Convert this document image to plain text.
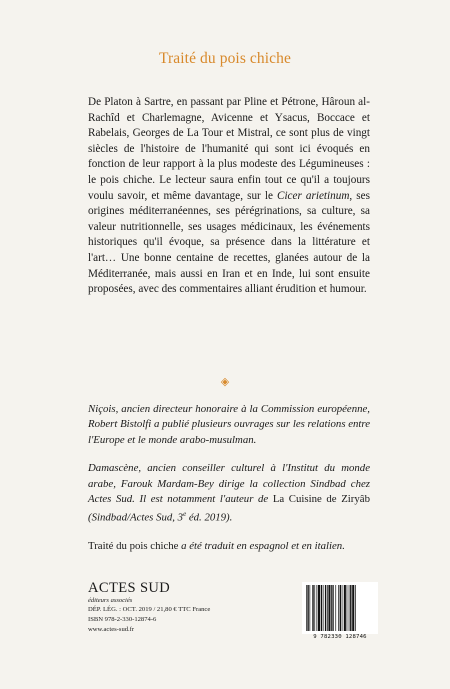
Traité du pois chiche

De Platon à Sartre, en passant par Pline et Pétrone, Hâroun al-Rachîd et Charlemagne, Avicenne et Ysacus, Boccace et Rabelais, Georges de La Tour et Mistral, ce sont plus de vingt siècles de l'histoire de l'humanité qui sont ici évoqués en fonction de leur rapport à la plus modeste des Légumineuses : le pois chiche. Le lecteur saura enfin tout ce qu'il a toujours voulu savoir, et même davantage, sur le Cicer arietinum, ses origines méditerranéennes, ses pérégrinations, sa culture, sa valeur nutritionnelle, ses usages médicinaux, les événements historiques qu'il évoque, sa présence dans la littérature et l'art… Une bonne centaine de recettes, glanées autour de la Méditerranée, mais aussi en Iran et en Inde, lui sont ensuite proposées, avec des commentaires alliant érudition et humour.

◈

Niçois, ancien directeur honoraire à la Commission européenne, Robert Bistolfi a publié plusieurs ouvrages sur les relations entre l'Europe et le monde arabo-musulman.

Damascène, ancien conseiller culturel à l'Institut du monde arabe, Farouk Mardam-Bey dirige la collection Sindbad chez Actes Sud. Il est notamment l'auteur de La Cuisine de Ziryâb (Sindbad/Actes Sud, 3e éd. 2019).

Traité du pois chiche a été traduit en espagnol et en italien.

ACTES SUD
éditeurs associés
DÉP. LÉG. : OCT. 2019 / 21,80 € TTC France
ISBN 978-2-330-12874-6
www.actes-sud.fr
9 782330 128746
